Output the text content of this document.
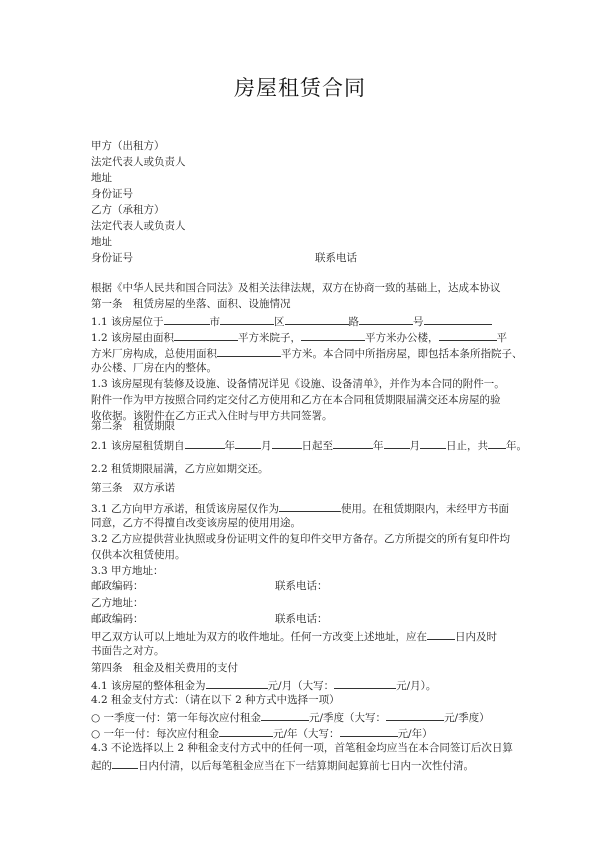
房屋租赁合同
甲方（出租方）
法定代表人或负责人
地址
身份证号
乙方（承租方）
法定代表人或负责人
地址
身份证号	联系电话
根据《中华人民共和国合同法》及相关法律法规，双方在协商一致的基础上，达成本协议
第一条　租赁房屋的坐落、面积、设施情况
1.1 该房屋位于	市	区	路	号
1.2 该房屋由面积	平方米院子，	平方米办公楼，	平
方米厂房构成，总使用面积	平方米。本合同中所指房屋，即包括本条所指院子、
办公楼、厂房在内的整体。
1.3 该房屋现有装修及设施、设备情况详见《设施、设备清单》，并作为本合同的附件一。
附件一作为甲方按照合同约定交付乙方使用和乙方在本合同租赁期限届满交还本房屋的验
收依据。该附件在乙方正式入住时与甲方共同签署。
第二条　租赁期限
2.1 该房屋租赁期自	年 月	日起至	年 月 日止，共 年。
2.2 租赁期限届满，乙方应如期交还。
第三条　双方承诺
3.1 乙方向甲方承诺，租赁该房屋仅作为	使用。在租赁期限内，未经甲方书面
同意，乙方不得擅自改变该房屋的使用用途。
3.2 乙方应提供营业执照或身份证明文件的复印件交甲方备存。乙方所提交的所有复印件均
仅供本次租赁使用。
3.3 甲方地址：
邮政编码：	联系电话：
乙方地址：
邮政编码：	联系电话：
甲乙双方认可以上地址为双方的收件地址。任何一方改变上述地址，应在	日内及时
书面告之对方。
第四条　租金及相关费用的支付
4.1 该房屋的整体租金为	元/月（大写：	元/月）。
4.2 租金支付方式：（请在以下 2 种方式中选择一项）
○ 一季度一付：第一年每次应付租金	元/季度（大写：	元/季度）
○ 一年一付：每次应付租金	元/年（大写：	元/年）
4.3 不论选择以上 2 种租金支付方式中的任何一项，首笔租金均应当在本合同签订后次日算
起的 日内付清，以后每笔租金应当在下一结算期间起算前七日内一次性付清。
